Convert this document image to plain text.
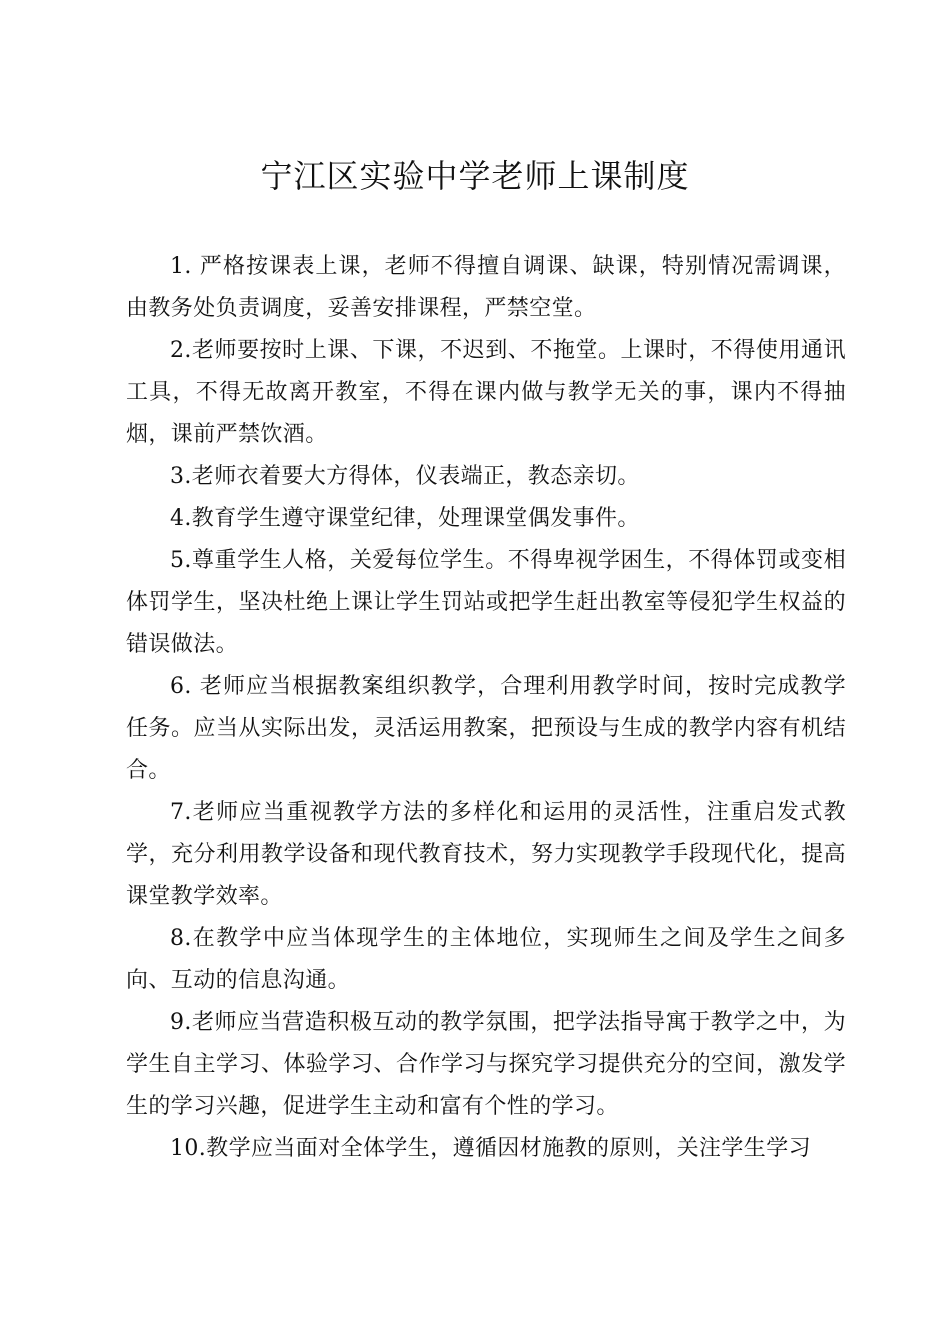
宁江区实验中学老师上课制度

1. 严格按课表上课，老师不得擅自调课、缺课，特别情况需调课，由教务处负责调度，妥善安排课程，严禁空堂。

2.老师要按时上课、下课，不迟到、不拖堂。上课时，不得使用通讯工具，不得无故离开教室，不得在课内做与教学无关的事，课内不得抽烟，课前严禁饮酒。

3.老师衣着要大方得体，仪表端正，教态亲切。

4.教育学生遵守课堂纪律，处理课堂偶发事件。

5.尊重学生人格，关爱每位学生。不得卑视学困生，不得体罚或变相体罚学生，坚决杜绝上课让学生罚站或把学生赶出教室等侵犯学生权益的错误做法。

6. 老师应当根据教案组织教学，合理利用教学时间，按时完成教学任务。应当从实际出发，灵活运用教案，把预设与生成的教学内容有机结合。

7.老师应当重视教学方法的多样化和运用的灵活性，注重启发式教学，充分利用教学设备和现代教育技术，努力实现教学手段现代化，提高课堂教学效率。

8.在教学中应当体现学生的主体地位，实现师生之间及学生之间多向、互动的信息沟通。

9.老师应当营造积极互动的教学氛围，把学法指导寓于教学之中，为学生自主学习、体验学习、合作学习与探究学习提供充分的空间，激发学生的学习兴趣，促进学生主动和富有个性的学习。

10.教学应当面对全体学生，遵循因材施教的原则，关注学生学习
